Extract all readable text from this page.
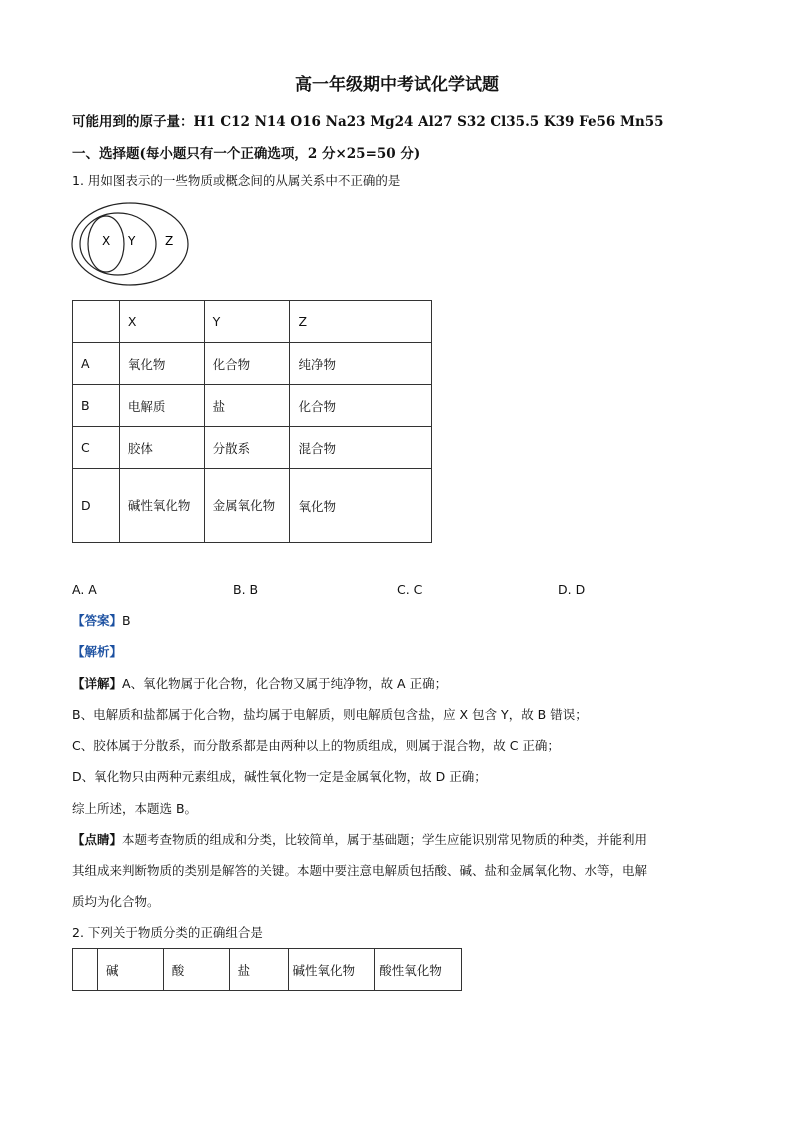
高一年级期中考试化学试题
可能用到的原子量：H1 C12 N14 O16 Na23 Mg24 Al27 S32 Cl35.5 K39 Fe56 Mn55
一、选择题(每小题只有一个正确选项，2 分×25=50 分)
1. 用如图表示的一些物质或概念间的从属关系中不正确的是
X Y Z
	X	Y	Z
A	氧化物	化合物	纯净物
B	电解质	盐	化合物
C	胶体	分散系	混合物
D	碱性氧化物	金属氧化物	氧化物
A. A	B. B	C. C	D. D
【答案】B
【解析】
【详解】A、氧化物属于化合物，化合物又属于纯净物，故 A 正确；
B、电解质和盐都属于化合物，盐均属于电解质，则电解质包含盐，应 X 包含 Y，故 B 错误；
C、胶体属于分散系，而分散系都是由两种以上的物质组成，则属于混合物，故 C 正确；
D、氧化物只由两种元素组成，碱性氧化物一定是金属氧化物，故 D 正确；
综上所述，本题选 B。
【点睛】本题考查物质的组成和分类，比较简单，属于基础题；学生应能识别常见物质的种类，并能利用
其组成来判断物质的类别是解答的关键。本题中要注意电解质包括酸、碱、盐和金属氧化物、水等，电解
质均为化合物。
2. 下列关于物质分类的正确组合是
	碱	酸	盐	碱性氧化物	酸性氧化物
